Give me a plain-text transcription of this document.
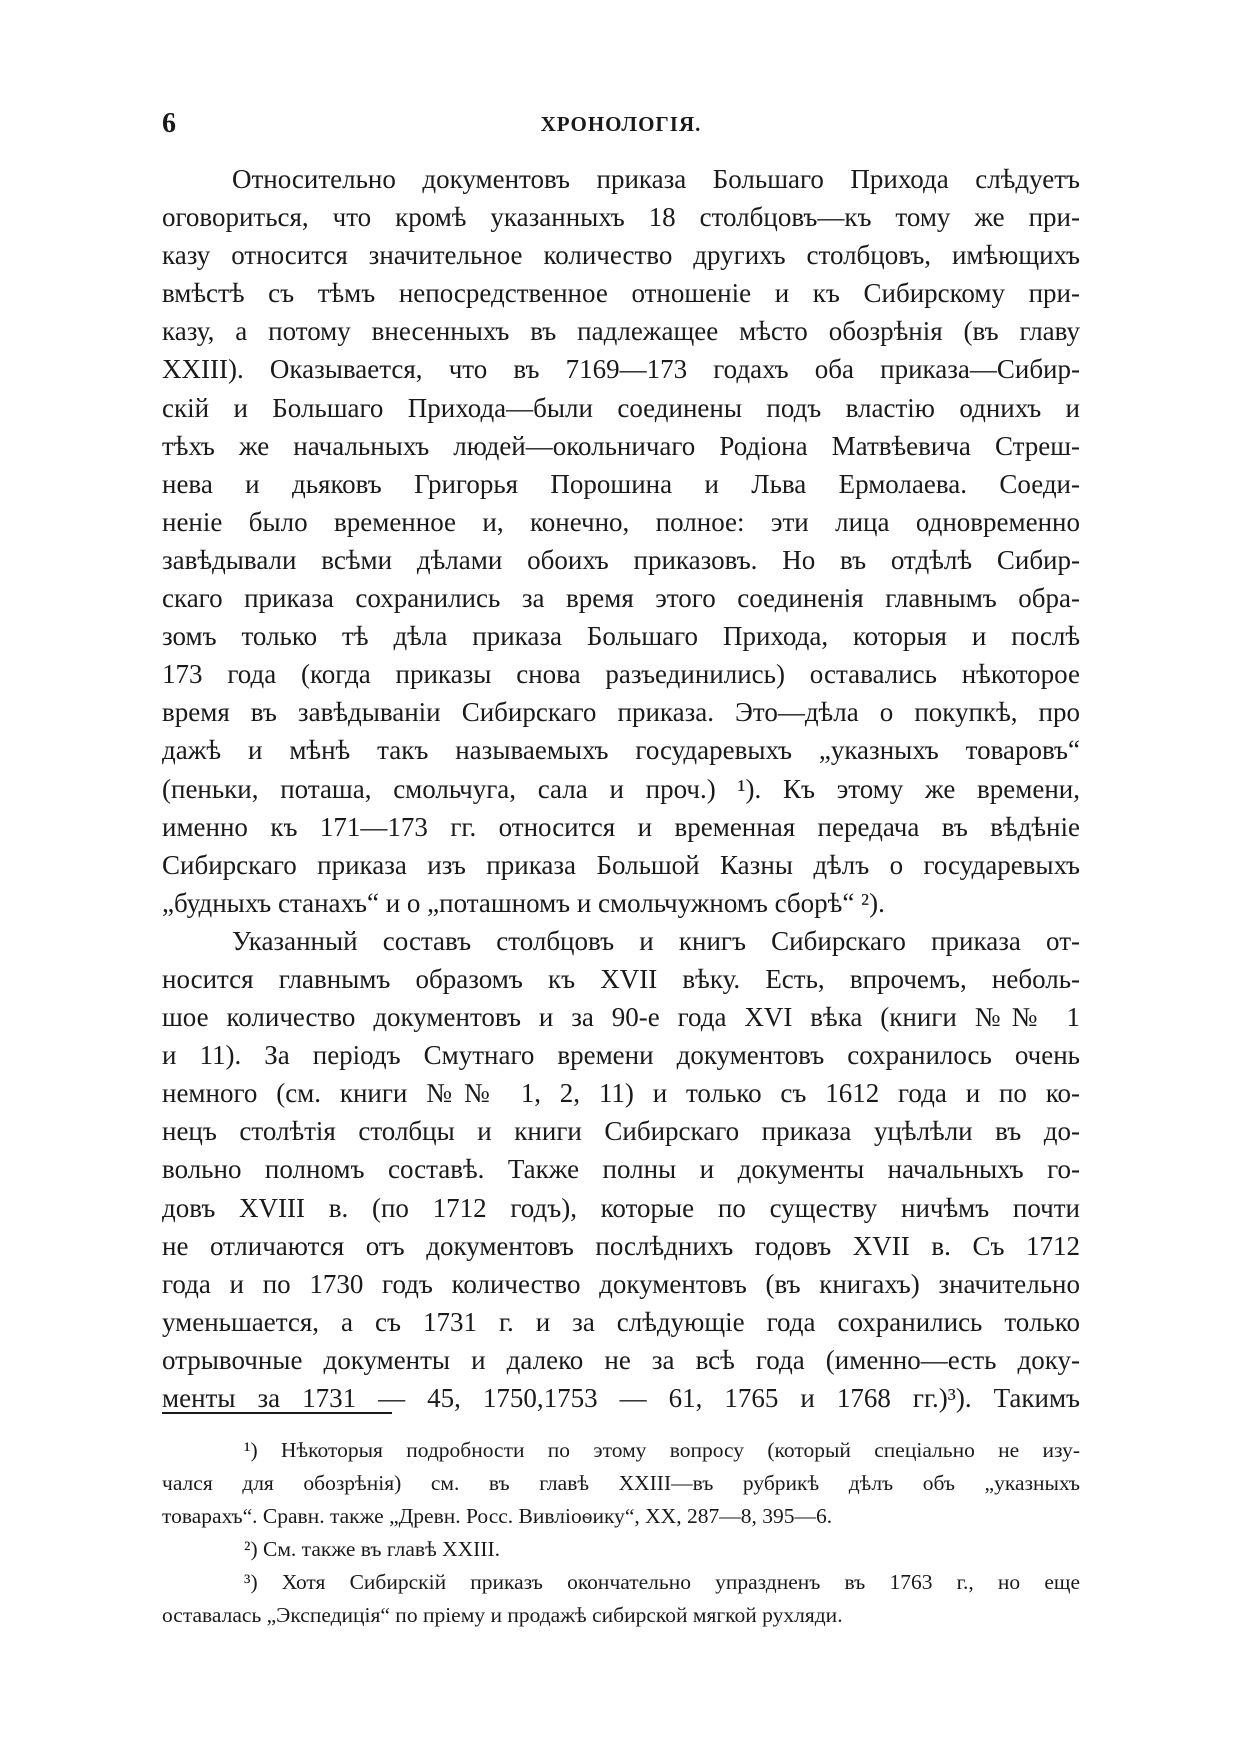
6	ХРОНОЛОГІЯ.
Относительно документовъ приказа Большаго Прихода слѣдуетъ
оговориться, что кромѣ указанныхъ 18 столбцовъ—къ тому же при-
казу относится значительное количество другихъ столбцовъ, имѣющихъ
вмѣстѣ съ тѣмъ непосредственное отношеніе и къ Сибирскому при-
казу, а потому внесенныхъ въ падлежащее мѣсто обозрѣнія (въ главу
XXIII). Оказывается, что въ 7169—173 годахъ оба приказа—Сибир-
скій и Большаго Прихода—были соединены подъ властію однихъ и
тѣхъ же начальныхъ людей—окольничаго Родіона Матвѣевича Стреш-
нева и дьяковъ Григорья Порошина и Льва Ермолаева. Соеди-
неніе было временное и, конечно, полное: эти лица одновременно
завѣдывали всѣми дѣлами обоихъ приказовъ. Но въ отдѣлѣ Сибир-
скаго приказа сохранились за время этого соединенія главнымъ обра-
зомъ только тѣ дѣла приказа Большаго Прихода, которыя и послѣ
173 года (когда приказы снова разъединились) оставались нѣкоторое
время въ завѣдываніи Сибирскаго приказа. Это—дѣла о покупкѣ, про
дажѣ и мѣнѣ такъ называемыхъ государевыхъ „указныхъ товаровъ“
(пеньки, поташа, смольчуга, сала и проч.) ¹). Къ этому же времени,
именно къ 171—173 гг. относится и временная передача въ вѣдѣніе
Сибирскаго приказа изъ приказа Большой Казны дѣлъ о государевыхъ
„будныхъ станахъ“ и о „поташномъ и смольчужномъ сборѣ“ ²).
Указанный составъ столбцовъ и книгъ Сибирскаго приказа от-
носится главнымъ образомъ къ XVII вѣку. Есть, впрочемъ, неболь-
шое количество документовъ и за 90-е года XVI вѣка (книги №№ 1
и 11). За періодъ Смутнаго времени документовъ сохранилось очень
немного (см. книги №№ 1, 2, 11) и только съ 1612 года и по ко-
нецъ столѣтія столбцы и книги Сибирскаго приказа уцѣлѣли въ до-
вольно полномъ составѣ. Также полны и документы начальныхъ го-
довъ XVIII в. (по 1712 годъ), которые по существу ничѣмъ почти
не отличаются отъ документовъ послѣднихъ годовъ XVII в. Съ 1712
года и по 1730 годъ количество документовъ (въ книгахъ) значительно
уменьшается, а съ 1731 г. и за слѣдующіе года сохранились только
отрывочные документы и далеко не за всѣ года (именно—есть доку-
менты за 1731 — 45, 1750,1753 — 61, 1765 и 1768 гг.)³). Такимъ
¹) Нѣкоторыя подробности по этому вопросу (который спеціально не изу-
чался для обозрѣнія) см. въ главѣ XXIII—въ рубрикѣ дѣлъ объ „указныхъ
товарахъ“. Сравн. также „Древн. Росс. Вивліоѳику“, XX, 287—8, 395—6.
²) См. также въ главѣ XXIII.
³) Хотя Сибирскій приказъ окончательно упраздненъ въ 1763 г., но еще
оставалась „Экспедиція“ по пріему и продажѣ сибирской мягкой рухляди.
